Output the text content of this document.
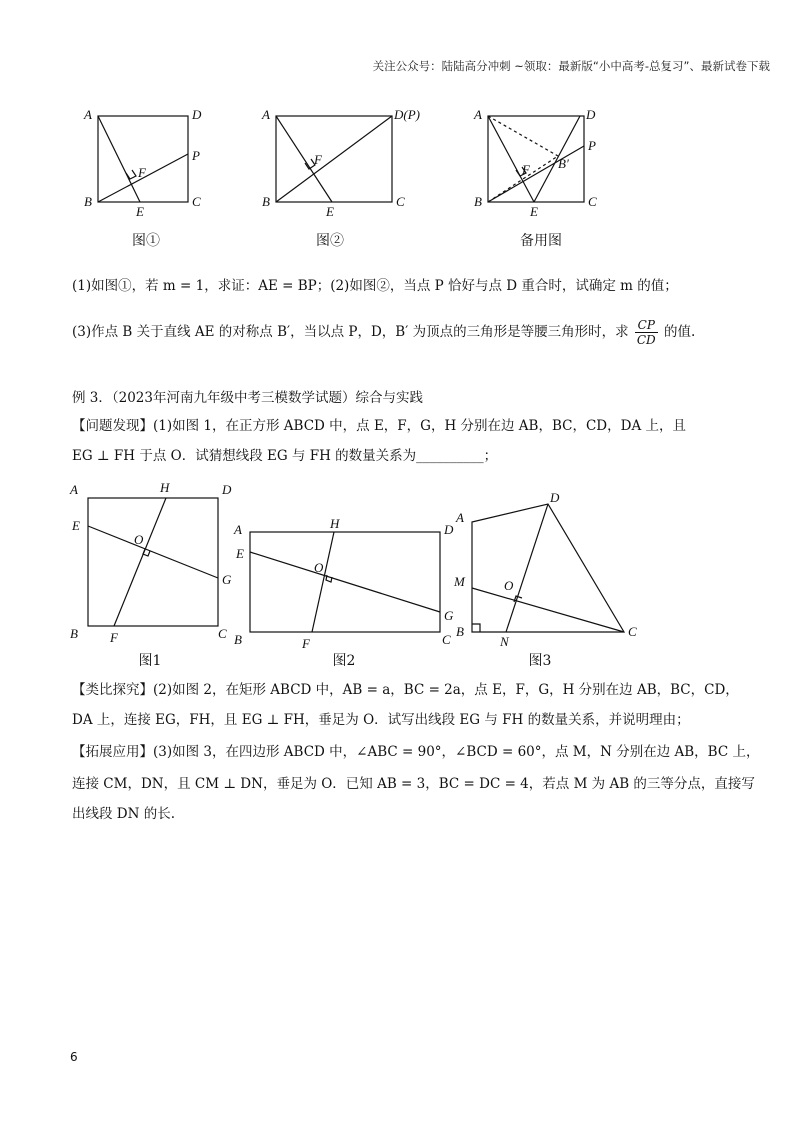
关注公众号：陆陆高分冲刺 ~领取：最新版“小中高考-总复习”、最新试卷下载
A	D
B	C
E
F
P
图①
A	D(P)
B	C
E
F
图②
A	D
B	C
E
F
P
B′
备用图
(1)如图①，若 m = 1，求证：AE = BP；(2)如图②，当点 P 恰好与点 D 重合时，试确定 m 的值；
(3)作点 B 关于直线 AE 的对称点 B′，当以点 P，D，B′ 为顶点的三角形是等腰三角形时，求 $\frac{CP}{CD}$ 的值.
例 3．（2023年河南九年级中考三模数学试题）综合与实践
【问题发现】(1)如图 1，在正方形 ABCD 中，点 E，F，G，H 分别在边 AB，BC，CD，DA 上，且
EG ⊥ FH 于点 O．试猜想线段 EG 与 FH 的数量关系为__________；
A	D
B	C
E
G
H
F
O
图1
A	D
B	C
E
G
H
F
O
图2
A
D
B	C
M
N
O
图3
【类比探究】(2)如图 2，在矩形 ABCD 中，AB = a，BC = 2a，点 E，F，G，H 分别在边 AB，BC，CD，
DA 上，连接 EG，FH，且 EG ⊥ FH，垂足为 O．试写出线段 EG 与 FH 的数量关系，并说明理由；
【拓展应用】(3)如图 3，在四边形 ABCD 中，∠ABC = 90°，∠BCD = 60°，点 M，N 分别在边 AB，BC 上，
连接 CM，DN，且 CM ⊥ DN，垂足为 O．已知 AB = 3，BC = DC = 4，若点 M 为 AB 的三等分点，直接写
出线段 DN 的长.
6
